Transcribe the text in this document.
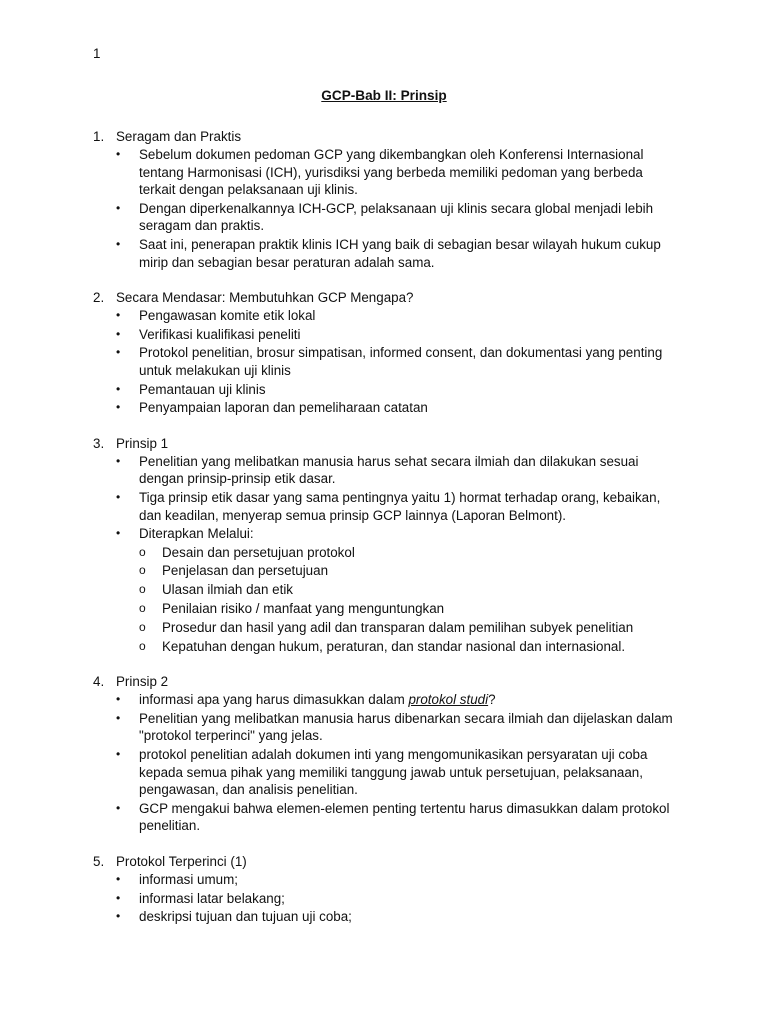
1
GCP-Bab II: Prinsip
1. Seragam dan Praktis
•	Sebelum dokumen pedoman GCP yang dikembangkan oleh Konferensi Internasional tentang Harmonisasi (ICH), yurisdiksi yang berbeda memiliki pedoman yang berbeda terkait dengan pelaksanaan uji klinis.
•	Dengan diperkenalkannya ICH-GCP, pelaksanaan uji klinis secara global menjadi lebih seragam dan praktis.
•	Saat ini, penerapan praktik klinis ICH yang baik di sebagian besar wilayah hukum cukup mirip dan sebagian besar peraturan adalah sama.
2. Secara Mendasar: Membutuhkan GCP Mengapa?
•	Pengawasan komite etik lokal
•	Verifikasi kualifikasi peneliti
•	Protokol penelitian, brosur simpatisan, informed consent, dan dokumentasi yang penting untuk melakukan uji klinis
•	Pemantauan uji klinis
•	Penyampaian laporan dan pemeliharaan catatan
3. Prinsip 1
•	Penelitian yang melibatkan manusia harus sehat secara ilmiah dan dilakukan sesuai dengan prinsip-prinsip etik dasar.
•	Tiga prinsip etik dasar yang sama pentingnya yaitu 1) hormat terhadap orang, kebaikan, dan keadilan, menyerap semua prinsip GCP lainnya (Laporan Belmont).
•	Diterapkan Melalui:
o Desain dan persetujuan protokol
o Penjelasan dan persetujuan
o Ulasan ilmiah dan etik
o Penilaian risiko / manfaat yang menguntungkan
o Prosedur dan hasil yang adil dan transparan dalam pemilihan subyek penelitian
o Kepatuhan dengan hukum, peraturan, dan standar nasional dan internasional.
4. Prinsip 2
•	informasi apa yang harus dimasukkan dalam protokol studi?
•	Penelitian yang melibatkan manusia harus dibenarkan secara ilmiah dan dijelaskan dalam "protokol terperinci" yang jelas.
•	protokol penelitian adalah dokumen inti yang mengomunikasikan persyaratan uji coba kepada semua pihak yang memiliki tanggung jawab untuk persetujuan, pelaksanaan, pengawasan, dan analisis penelitian.
•	GCP mengakui bahwa elemen-elemen penting tertentu harus dimasukkan dalam protokol penelitian.
5. Protokol Terperinci (1)
•	informasi umum;
•	informasi latar belakang;
•	deskripsi tujuan dan tujuan uji coba;
